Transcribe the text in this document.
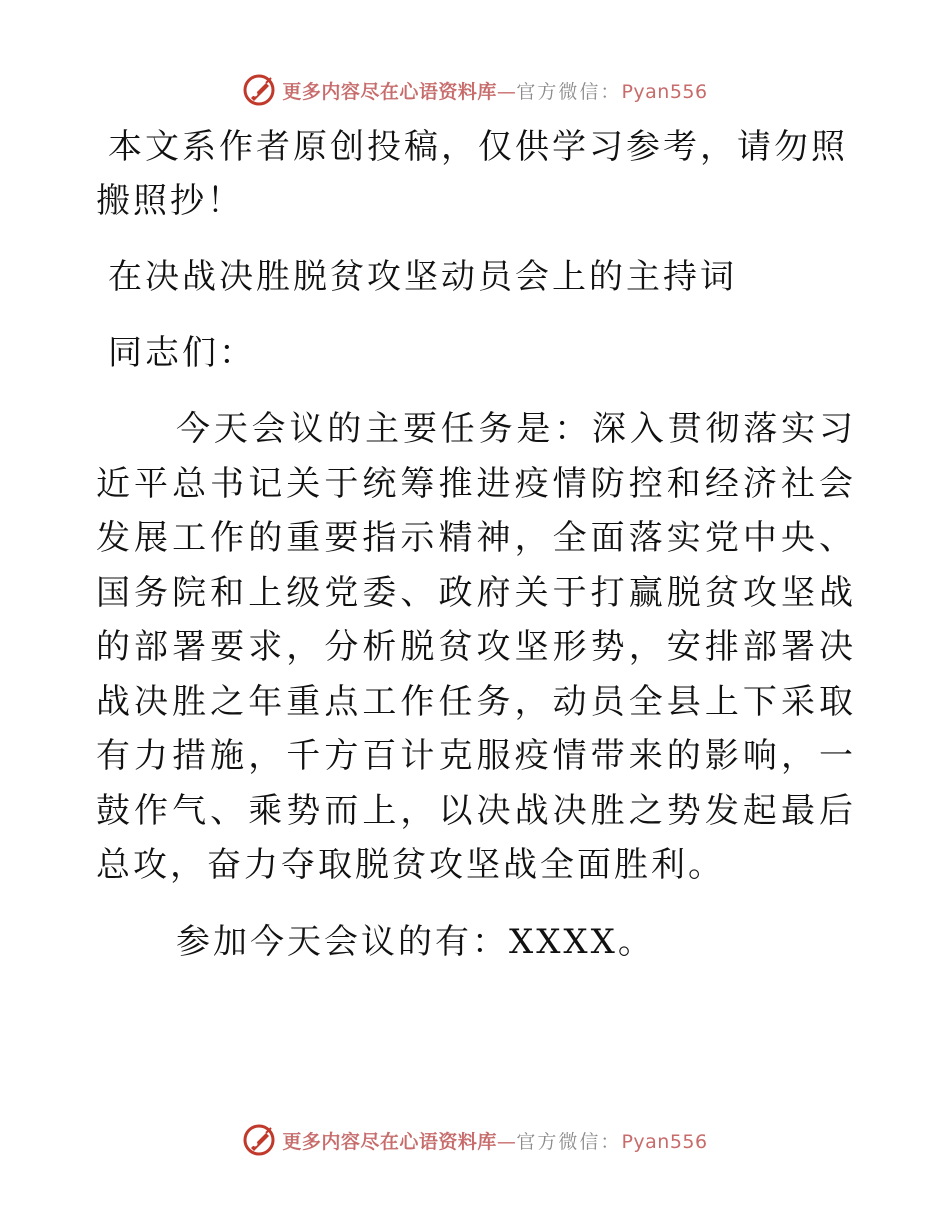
更多内容尽在心语资料库—官方微信：Pyan556

本文系作者原创投稿，仅供学习参考，请勿照搬照抄！

在决战决胜脱贫攻坚动员会上的主持词

同志们：

今天会议的主要任务是：深入贯彻落实习近平总书记关于统筹推进疫情防控和经济社会发展工作的重要指示精神，全面落实党中央、国务院和上级党委、政府关于打赢脱贫攻坚战的部署要求，分析脱贫攻坚形势，安排部署决战决胜之年重点工作任务，动员全县上下采取有力措施，千方百计克服疫情带来的影响，一鼓作气、乘势而上，以决战决胜之势发起最后总攻，奋力夺取脱贫攻坚战全面胜利。

参加今天会议的有：XXXX。

更多内容尽在心语资料库—官方微信：Pyan556
